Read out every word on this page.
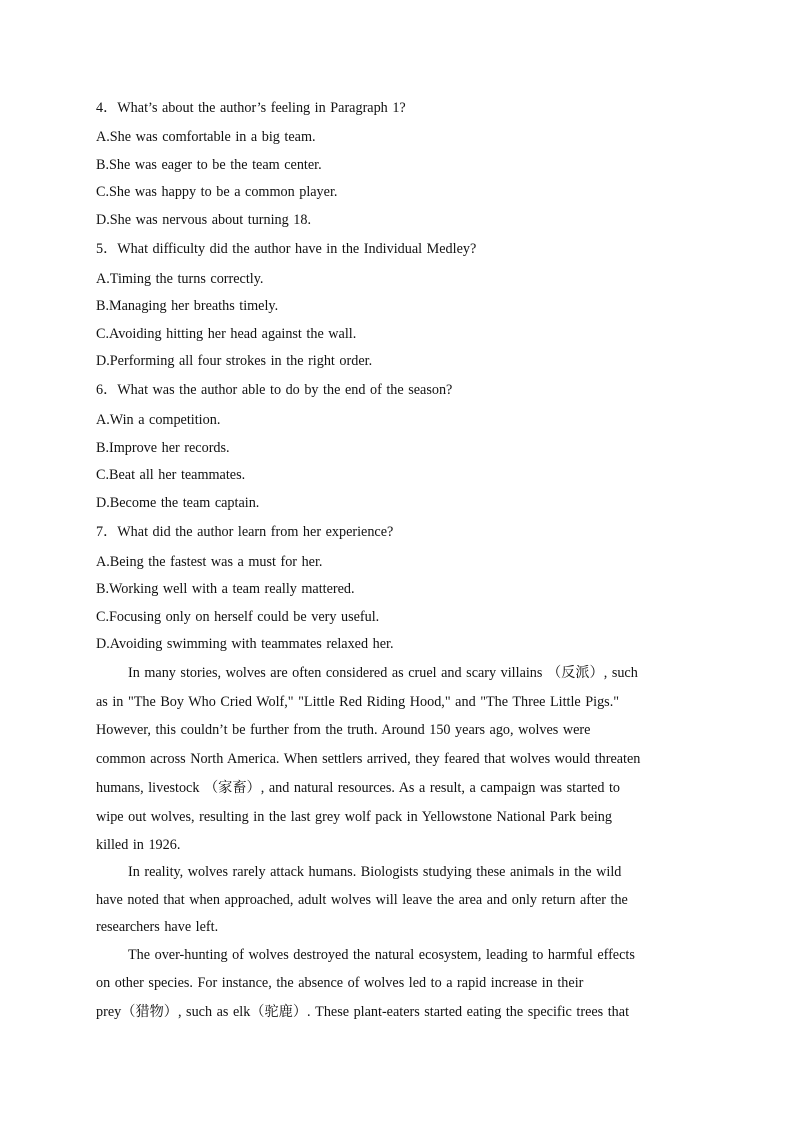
4．What’s about the author’s feeling in Paragraph 1?
A.She was comfortable in a big team.
B.She was eager to be the team center.
C.She was happy to be a common player.
D.She was nervous about turning 18.
5．What difficulty did the author have in the Individual Medley?
A.Timing the turns correctly.
B.Managing her breaths timely.
C.Avoiding hitting her head against the wall.
D.Performing all four strokes in the right order.
6．What was the author able to do by the end of the season?
A.Win a competition.
B.Improve her records.
C.Beat all her teammates.
D.Become the team captain.
7．What did the author learn from her experience?
A.Being the fastest was a must for her.
B.Working well with a team really mattered.
C.Focusing only on herself could be very useful.
D.Avoiding swimming with teammates relaxed her.
In many stories, wolves are often considered as cruel and scary villains （反派）, such
as in "The Boy Who Cried Wolf," "Little Red Riding Hood," and "The Three Little Pigs."
However, this couldn’t be further from the truth. Around 150 years ago, wolves were
common across North America. When settlers arrived, they feared that wolves would threaten
humans, livestock （家畜）, and natural resources. As a result, a campaign was started to
wipe out wolves, resulting in the last grey wolf pack in Yellowstone National Park being
killed in 1926.
In reality, wolves rarely attack humans. Biologists studying these animals in the wild
have noted that when approached, adult wolves will leave the area and only return after the
researchers have left.
The over-hunting of wolves destroyed the natural ecosystem, leading to harmful effects
on other species. For instance, the absence of wolves led to a rapid increase in their
prey（猎物）, such as elk（驼鹿）. These plant-eaters started eating the specific trees that
